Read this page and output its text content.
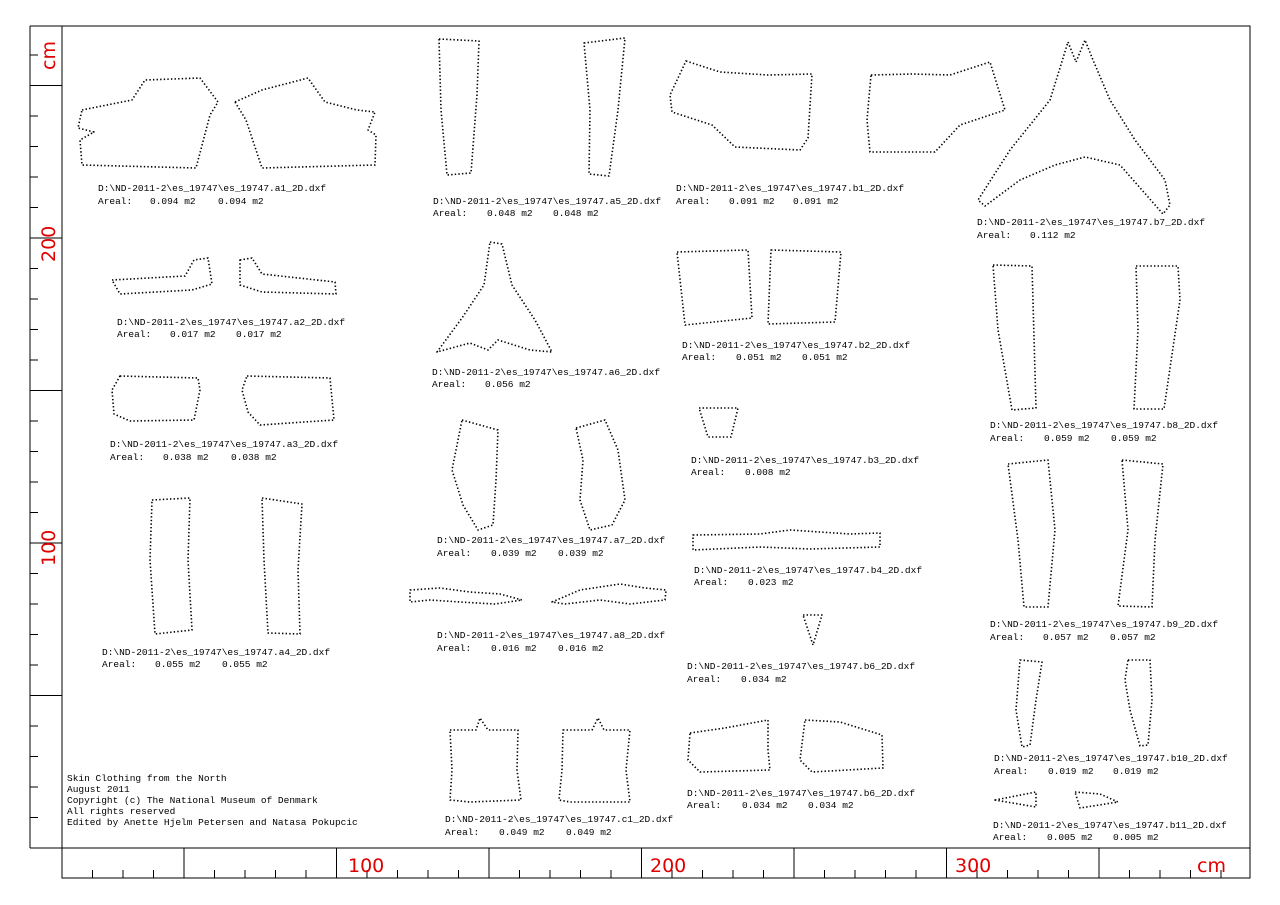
cm
200
100
100	200	300	cm
D:\ND-2011-2\es_19747\es_19747.a1_2D.dxf
Areal: 0.094 m2 0.094 m2	D:\ND-2011-2\es_19747\es_19747.a5_2D.dxf
Areal: 0.048 m2 0.048 m2
D:\ND-2011-2\es_19747\es_19747.b1_2D.dxf
Areal: 0.091 m2 0.091 m2
D:\ND-2011-2\es_19747\es_19747.b7_2D.dxf
Areal: 0.112 m2
D:\ND-2011-2\es_19747\es_19747.a2_2D.dxf
Areal: 0.017 m2 0.017 m2
D:\ND-2011-2\es_19747\es_19747.a6_2D.dxf
Areal: 0.056 m2
D:\ND-2011-2\es_19747\es_19747.b2_2D.dxf
Areal: 0.051 m2 0.051 m2
D:\ND-2011-2\es_19747\es_19747.b8_2D.dxf
Areal: 0.059 m2 0.059 m2
D:\ND-2011-2\es_19747\es_19747.a3_2D.dxf
Areal: 0.038 m2 0.038 m2	D:\ND-2011-2\es_19747\es_19747.b3_2D.dxf
Areal: 0.008 m2
D:\ND-2011-2\es_19747\es_19747.a7_2D.dxf
Areal: 0.039 m2 0.039 m2
D:\ND-2011-2\es_19747\es_19747.b4_2D.dxf
Areal: 0.023 m2
D:\ND-2011-2\es_19747\es_19747.b9_2D.dxf
Areal: 0.057 m2 0.057 m2
D:\ND-2011-2\es_19747\es_19747.a8_2D.dxf
Areal: 0.016 m2 0.016 m2
D:\ND-2011-2\es_19747\es_19747.a4_2D.dxf
Areal: 0.055 m2 0.055 m2	D:\ND-2011-2\es_19747\es_19747.b6_2D.dxf
Areal: 0.034 m2
D:\ND-2011-2\es_19747\es_19747.b10_2D.dxf
Areal: 0.019 m2 0.019 m2
D:\ND-2011-2\es_19747\es_19747.b6_2D.dxf
Areal: 0.034 m2 0.034 m2
D:\ND-2011-2\es_19747\es_19747.c1_2D.dxf
Areal: 0.049 m2 0.049 m2
D:\ND-2011-2\es_19747\es_19747.b11_2D.dxf
Areal: 0.005 m2 0.005 m2
Skin Clothing from the North
August 2011
Copyright (c) The National Museum of Denmark
All rights reserved
Edited by Anette Hjelm Petersen and Natasa Pokupcic
